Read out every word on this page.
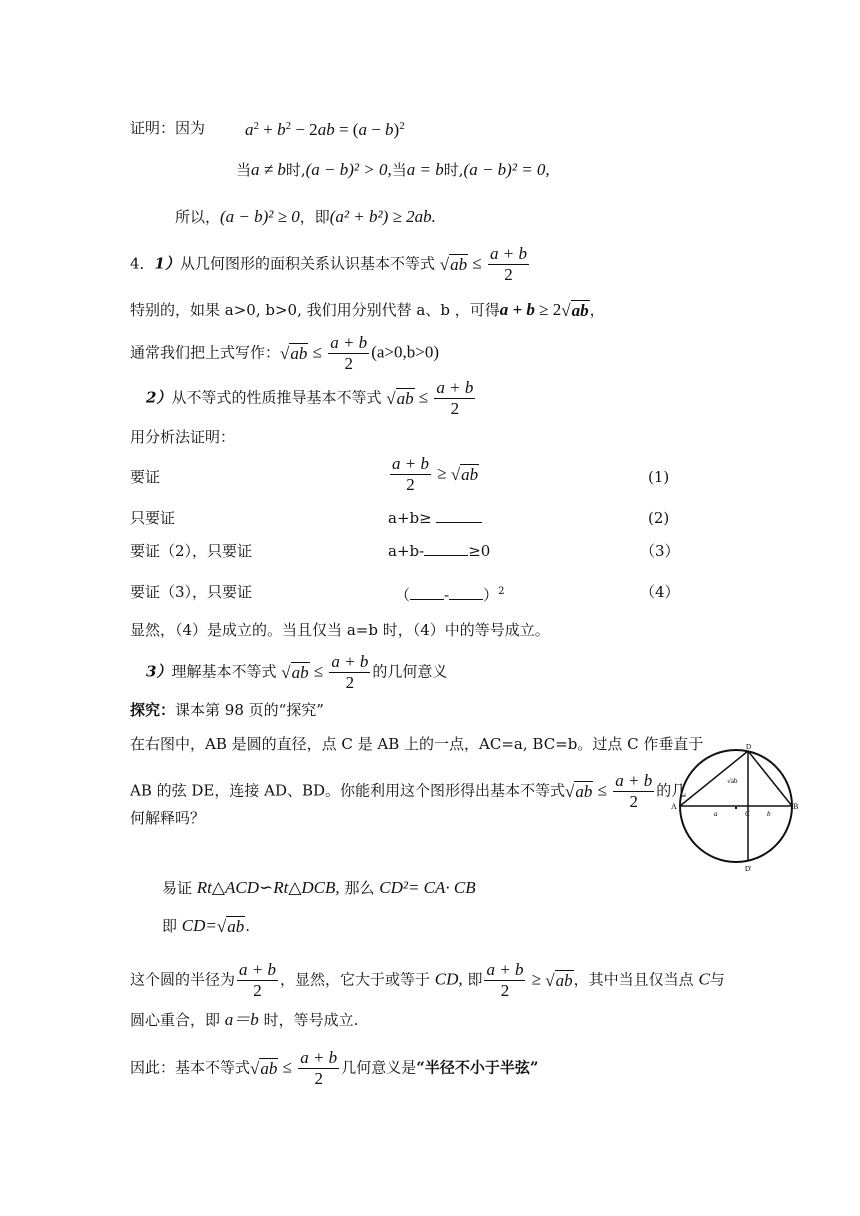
证明：因为 $a^2 + b^2 - 2ab = (a - b)^2$
当a ≠ b时,(a − b)² > 0,当a = b时,(a − b)² = 0,
所以，(a − b)² ≥ 0，即(a² + b²) ≥ 2ab.
4．1）从几何图形的面积关系认识基本不等式 $√ab \le \frac{a + b}{2}$
特别的，如果 a>0, b>0, 我们用分别代替 a、b ，可得a + b ≥ 2√ab，
通常我们把上式写作：$√ab \le \frac{a + b}{2} (a>0,b>0)$
2）从不等式的性质推导基本不等式 $√ab \le \frac{a + b}{2}$
用分析法证明：
要证	$\frac{a + b}{2} \ge √ab$	(1)
只要证	a+b≥	(2)
要证（2），只要证	a+b-	≥0	（3）
要证（3），只要证	（ - ）$^2$	（4）
显然，（4）是成立的。当且仅当 a=b 时，（4）中的等号成立。
3）理解基本不等式 $√ab \le \frac{a + b}{2}$ 的几何意义
探究：课本第 98 页的“探究”
在右图中，AB 是圆的直径，点 C 是 AB 上的一点，AC=a, BC=b。过点 C 作垂直于
AB 的弦 DE，连接 AD、BD。你能利用这个图形得出基本不等式$√ab \le \frac{a + b}{2}$ 的几
何解释吗？
A	B
C
D
D'
a	b
√ab
易证 Rt△ACD∽Rt△DCB, 那么 CD²= CA· CB
即 CD=√ab.
这个圆的半径为 $\frac{a + b}{2}$ ，显然，它大于或等于 CD, 即 $\frac{a + b}{2} \ge √ab$，其中当且仅当点 C与
圆心重合，即 a＝b 时，等号成立.
因此：基本不等式$√ab \le \frac{a + b}{2}$ 几何意义是“半径不小于半弦”
